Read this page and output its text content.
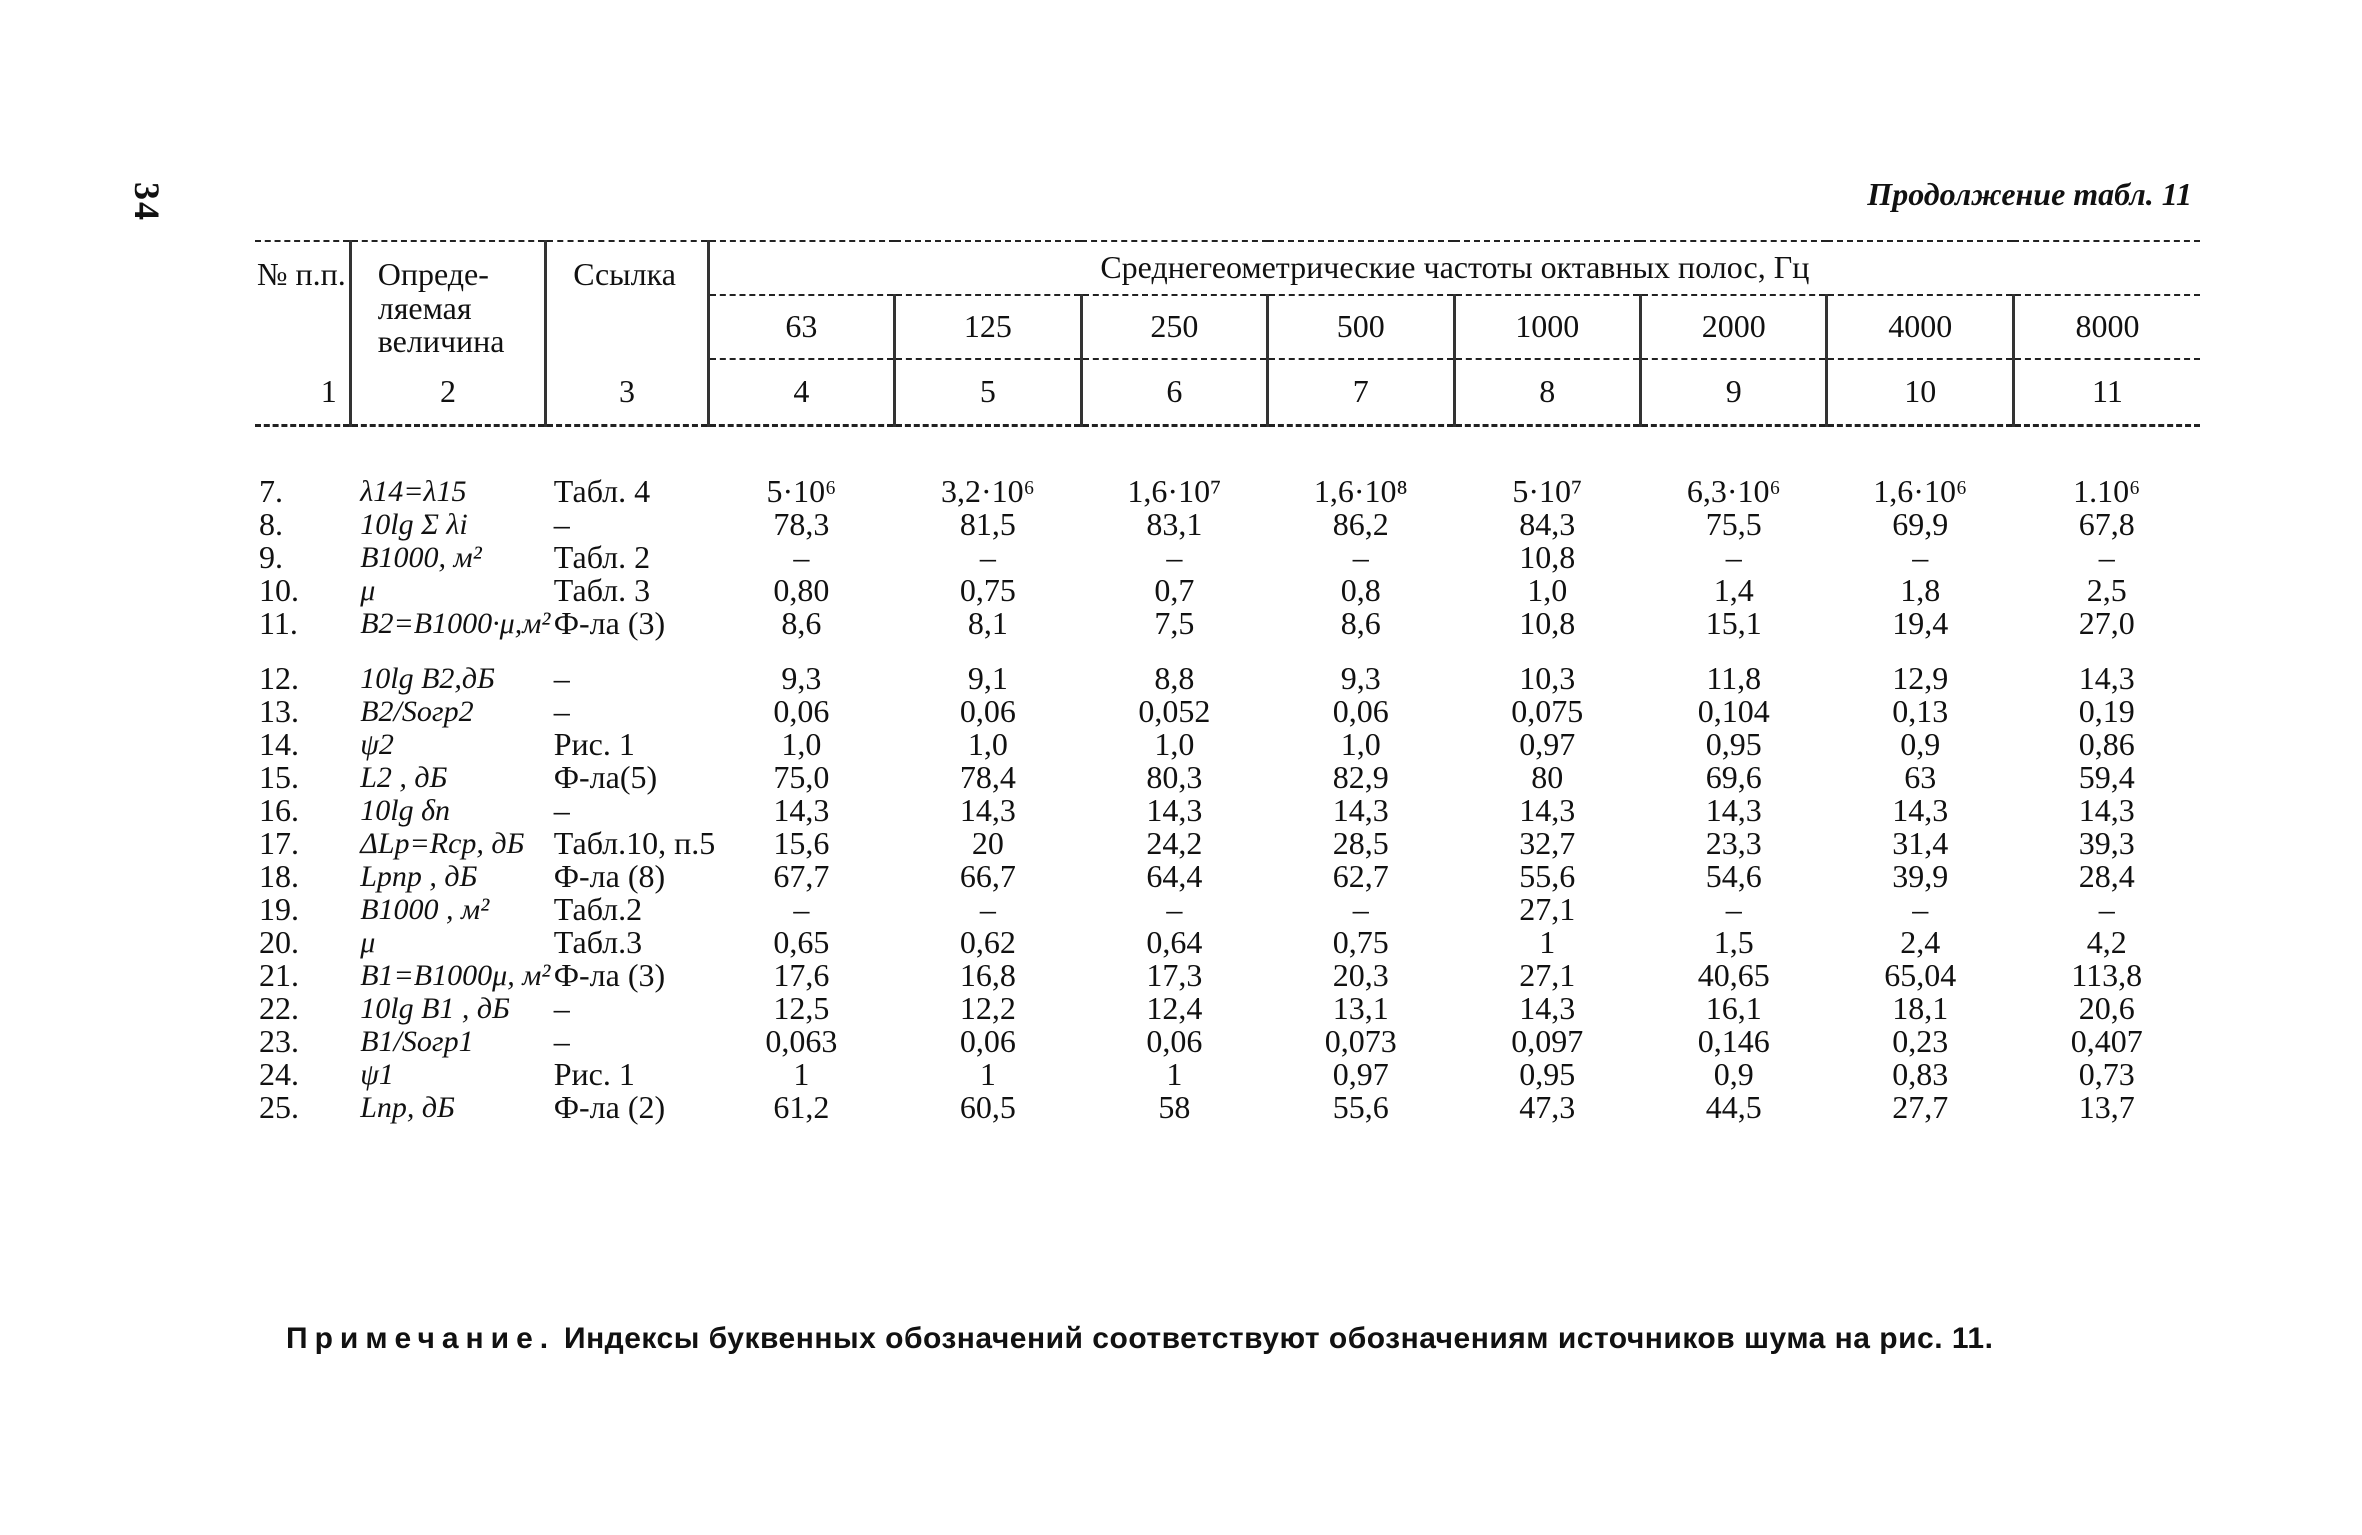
34	Продолжение табл. 11
№ п.п.	Опреде- ляемая величина	Ссылка	Среднегеометрические частоты октавных полос, Гц							
			63	125	250	500	1000	2000	4000	8000
1	2	3	4	5	6	7	8	9	10	11

7.	λ14=λ15	Табл. 4	5·10⁶	3,2·10⁶	1,6·10⁷	1,6·10⁸	5·10⁷	6,3·10⁶	1,6·10⁶	1.10⁶
8.	10lg Σ λi	–	78,3	81,5	83,1	86,2	84,3	75,5	69,9	67,8
9.	B1000, м²	Табл. 2	–	–	–	–	10,8	–	–	–
10.	μ	Табл. 3	0,80	0,75	0,7	0,8	1,0	1,4	1,8	2,5
11.	B2=B1000·μ,м²	Ф-ла (3)	8,6	8,1	7,5	8,6	10,8	15,1	19,4	27,0

12.	10lg B2,дБ	–	9,3	9,1	8,8	9,3	10,3	11,8	12,9	14,3
13.	B2/Sогр2	–	0,06	0,06	0,052	0,06	0,075	0,104	0,13	0,19
14.	ψ2	Рис. 1	1,0	1,0	1,0	1,0	0,97	0,95	0,9	0,86
15.	L2 , дБ	Ф-ла(5)	75,0	78,4	80,3	82,9	80	69,6	63	59,4
16.	10lg δn	–	14,3	14,3	14,3	14,3	14,3	14,3	14,3	14,3
17.	ΔLp=Rср, дБ	Табл.10, п.5	15,6	20	24,2	28,5	32,7	23,3	31,4	39,3
18.	Lpпр , дБ	Ф-ла (8)	67,7	66,7	64,4	62,7	55,6	54,6	39,9	28,4
19.	B1000 , м²	Табл.2	–	–	–	–	27,1	–	–	–
20.	μ	Табл.3	0,65	0,62	0,64	0,75	1	1,5	2,4	4,2
21.	B1=B1000μ, м²	Ф-ла (3)	17,6	16,8	17,3	20,3	27,1	40,65	65,04	113,8
22.	10lg B1 , дБ	–	12,5	12,2	12,4	13,1	14,3	16,1	18,1	20,6
23.	B1/Sогр1	–	0,063	0,06	0,06	0,073	0,097	0,146	0,23	0,407
24.	ψ1	Рис. 1	1	1	1	0,97	0,95	0,9	0,83	0,73
25.	Lпр, дБ	Ф-ла (2)	61,2	60,5	58	55,6	47,3	44,5	27,7	13,7
Примечание. Индексы буквенных обозначений соответствуют обозначениям источников шума на рис. 11.
